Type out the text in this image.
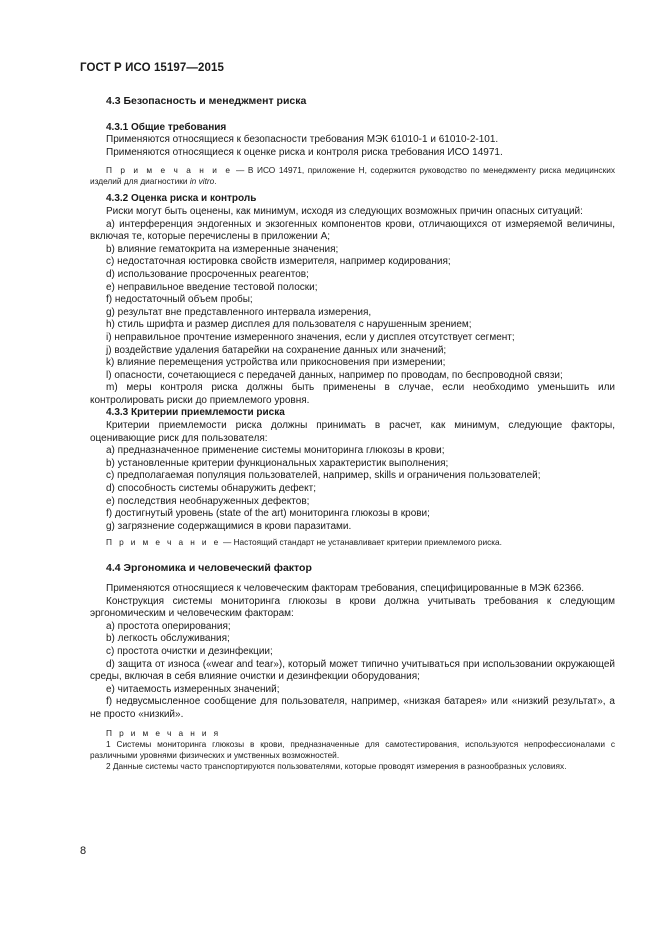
ГОСТ Р ИСО 15197—2015
4.3 Безопасность и менеджмент риска
4.3.1 Общие требования

Применяются относящиеся к безопасности требования МЭК 61010-1 и 61010-2-101.

Применяются относящиеся к оценке риска и контроля риска требования ИСО 14971.

П р и м е ч а н и е — В ИСО 14971, приложение Н, содержится руководство по менеджменту риска медицинских изделий для диагностики in vitro.

4.3.2 Оценка риска и контроль

Риски могут быть оценены, как минимум, исходя из следующих возможных причин опасных ситуаций:

a) интерференция эндогенных и экзогенных компонентов крови, отличающихся от измеряемой величины, включая те, которые перечислены в приложении А;

b) влияние гематокрита на измеренные значения;

c) недостаточная юстировка свойств измерителя, например кодирования;

d) использование просроченных реагентов;

e) неправильное введение тестовой полоски;

f) недостаточный объем пробы;

g) результат вне представленного интервала измерения,

h) стиль шрифта и размер дисплея для пользователя с нарушенным зрением;

i) неправильное прочтение измеренного значения, если у дисплея отсутствует сегмент;

j) воздействие удаления батарейки на сохранение данных или значений;

k) влияние перемещения устройства или прикосновения при измерении;

l) опасности, сочетающиеся с передачей данных, например по проводам, по беспроводной связи;

m) меры контроля риска должны быть применены в случае, если необходимо уменьшить или контролировать риски до приемлемого уровня.

4.3.3 Критерии приемлемости риска

Критерии приемлемости риска должны принимать в расчет, как минимум, следующие факторы, оценивающие риск для пользователя:

a) предназначенное применение системы мониторинга глюкозы в крови;

b) установленные критерии функциональных характеристик выполнения;

c) предполагаемая популяция пользователей, например, skills и ограничения пользователей;

d) способность системы обнаружить дефект;

e) последствия необнаруженных дефектов;

f) достигнутый уровень (state of the art) мониторинга глюкозы в крови;

g) загрязнение содержащимися в крови паразитами.

П р и м е ч а н и е — Настоящий стандарт не устанавливает критерии приемлемого риска.

4.4 Эргономика и человеческий фактор

Применяются относящиеся к человеческим факторам требования, специфицированные в МЭК 62366.

Конструкция системы мониторинга глюкозы в крови должна учитывать требования к следующим эргономическим и человеческим факторам:

a) простота оперирования;

b) легкость обслуживания;

c) простота очистки и дезинфекции;

d) защита от износа («wear and tear»), который может типично учитываться при использовании окружающей среды, включая в себя влияние очистки и дезинфекции оборудования;

e) читаемость измеренных значений;

f) недвусмысленное сообщение для пользователя, например, «низкая батарея» или «низкий результат», а не просто «низкий».

П р и м е ч а н и я

1 Системы мониторинга глюкозы в крови, предназначенные для самотестирования, используются непрофессионалами с различными уровнями физических и умственных возможностей.

2 Данные системы часто транспортируются пользователями, которые проводят измерения в разнообразных условиях.

8
